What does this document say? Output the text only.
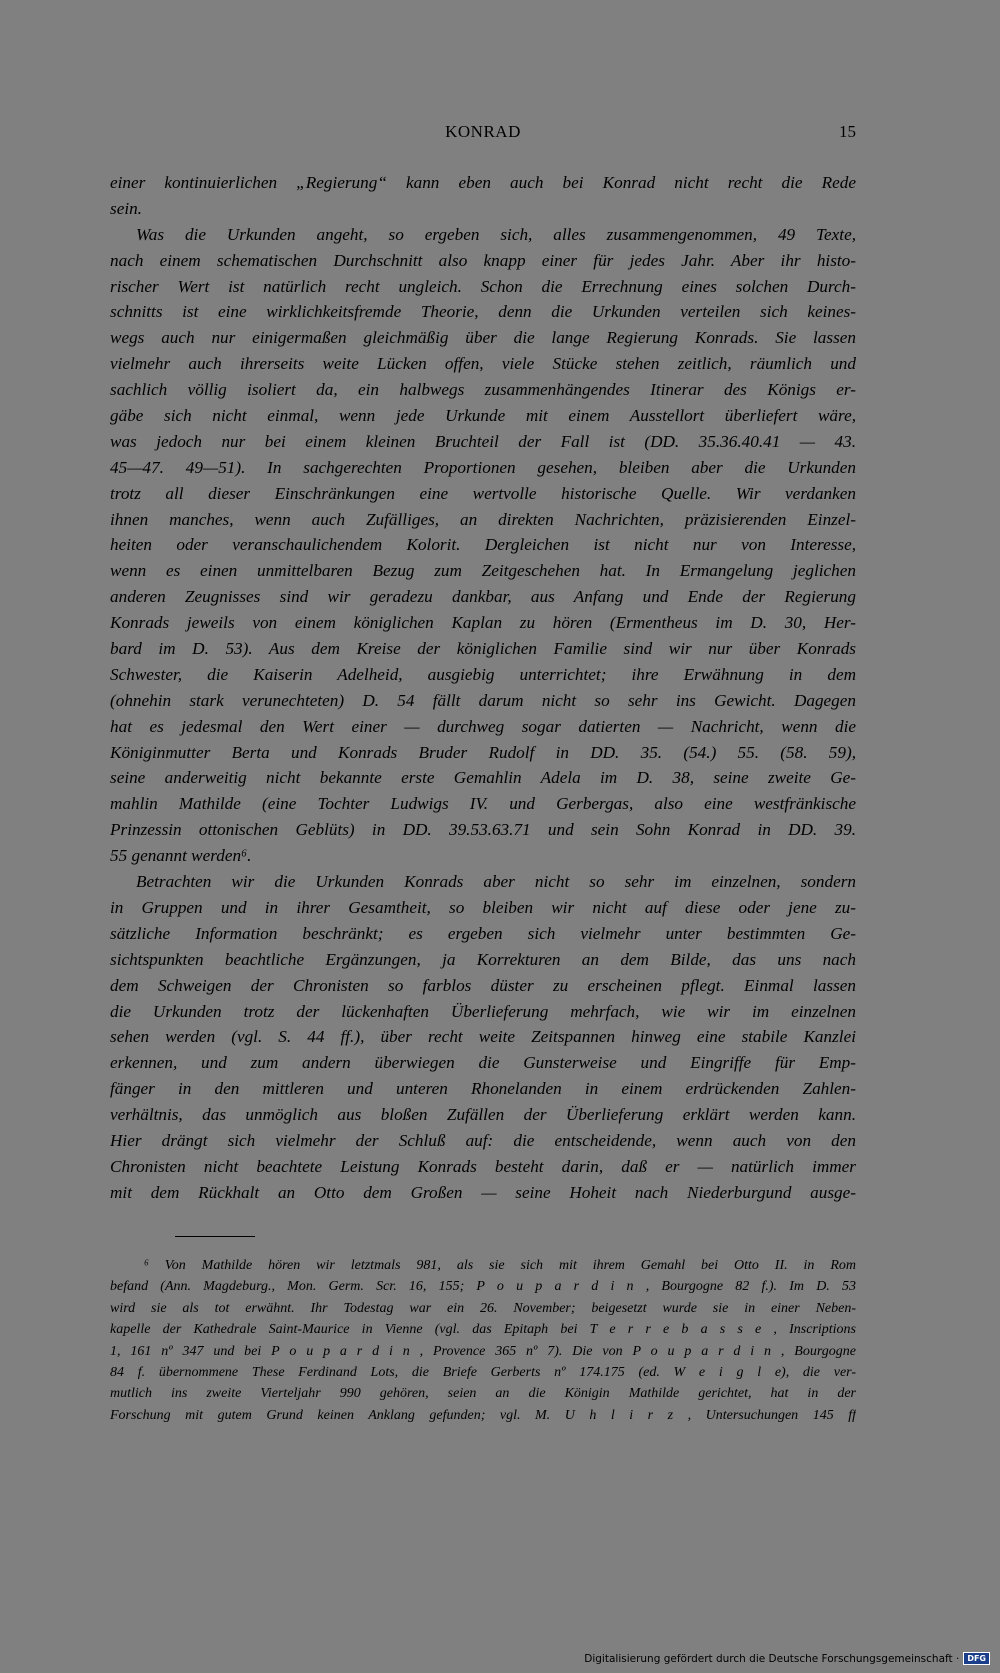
KONRAD	15
einer kontinuierlichen „Regierung“ kann eben auch bei Konrad nicht recht die Rede
sein.
Was die Urkunden angeht, so ergeben sich, alles zusammengenommen, 49 Texte,
nach einem schematischen Durchschnitt also knapp einer für jedes Jahr. Aber ihr histo-
rischer Wert ist natürlich recht ungleich. Schon die Errechnung eines solchen Durch-
schnitts ist eine wirklichkeitsfremde Theorie, denn die Urkunden verteilen sich keines-
wegs auch nur einigermaßen gleichmäßig über die lange Regierung Konrads. Sie lassen
vielmehr auch ihrerseits weite Lücken offen, viele Stücke stehen zeitlich, räumlich und
sachlich völlig isoliert da, ein halbwegs zusammenhängendes Itinerar des Königs er-
gäbe sich nicht einmal, wenn jede Urkunde mit einem Ausstellort überliefert wäre,
was jedoch nur bei einem kleinen Bruchteil der Fall ist (DD. 35.36.40.41 — 43.
45—47. 49—51). In sachgerechten Proportionen gesehen, bleiben aber die Urkunden
trotz all dieser Einschränkungen eine wertvolle historische Quelle. Wir verdanken
ihnen manches, wenn auch Zufälliges, an direkten Nachrichten, präzisierenden Einzel-
heiten oder veranschaulichendem Kolorit. Dergleichen ist nicht nur von Interesse,
wenn es einen unmittelbaren Bezug zum Zeitgeschehen hat. In Ermangelung jeglichen
anderen Zeugnisses sind wir geradezu dankbar, aus Anfang und Ende der Regierung
Konrads jeweils von einem königlichen Kaplan zu hören (Ermentheus im D. 30, Her-
bard im D. 53). Aus dem Kreise der königlichen Familie sind wir nur über Konrads
Schwester, die Kaiserin Adelheid, ausgiebig unterrichtet; ihre Erwähnung in dem
(ohnehin stark verunechteten) D. 54 fällt darum nicht so sehr ins Gewicht. Dagegen
hat es jedesmal den Wert einer — durchweg sogar datierten — Nachricht, wenn die
Königinmutter Berta und Konrads Bruder Rudolf in DD. 35. (54.) 55. (58. 59),
seine anderweitig nicht bekannte erste Gemahlin Adela im D. 38, seine zweite Ge-
mahlin Mathilde (eine Tochter Ludwigs IV. und Gerbergas, also eine westfränkische
Prinzessin ottonischen Geblüts) in DD. 39.53.63.71 und sein Sohn Konrad in DD. 39.
55 genannt werden⁶.
Betrachten wir die Urkunden Konrads aber nicht so sehr im einzelnen, sondern
in Gruppen und in ihrer Gesamtheit, so bleiben wir nicht auf diese oder jene zu-
sätzliche Information beschränkt; es ergeben sich vielmehr unter bestimmten Ge-
sichtspunkten beachtliche Ergänzungen, ja Korrekturen an dem Bilde, das uns nach
dem Schweigen der Chronisten so farblos düster zu erscheinen pflegt. Einmal lassen
die Urkunden trotz der lückenhaften Überlieferung mehrfach, wie wir im einzelnen
sehen werden (vgl. S. 44 ff.), über recht weite Zeitspannen hinweg eine stabile Kanzlei
erkennen, und zum andern überwiegen die Gunsterweise und Eingriffe für Emp-
fänger in den mittleren und unteren Rhonelanden in einem erdrückenden Zahlen-
verhältnis, das unmöglich aus bloßen Zufällen der Überlieferung erklärt werden kann.
Hier drängt sich vielmehr der Schluß auf: die entscheidende, wenn auch von den
Chronisten nicht beachtete Leistung Konrads besteht darin, daß er — natürlich immer
mit dem Rückhalt an Otto dem Großen — seine Hoheit nach Niederburgund ausge-
⁶ Von Mathilde hören wir letztmals 981, als sie sich mit ihrem Gemahl bei Otto II. in Rom
befand (Ann. Magdeburg., Mon. Germ. Scr. 16, 155; P o u p a r d i n , Bourgogne 82 f.). Im D. 53
wird sie als tot erwähnt. Ihr Todestag war ein 26. November; beigesetzt wurde sie in einer Neben-
kapelle der Kathedrale Saint-Maurice in Vienne (vgl. das Epitaph bei T e r r e b a s s e , Inscriptions
1, 161 nº 347 und bei P o u p a r d i n , Provence 365 nº 7). Die von P o u p a r d i n , Bourgogne
84 f. übernommene These Ferdinand Lots, die Briefe Gerberts nº 174.175 (ed. W e i g l e), die ver-
mutlich ins zweite Vierteljahr 990 gehören, seien an die Königin Mathilde gerichtet, hat in der
Forschung mit gutem Grund keinen Anklang gefunden; vgl. M. U h l i r z , Untersuchungen 145 ff
Digitalisierung gefördert durch die Deutsche Forschungsgemeinschaft ·	DFG
